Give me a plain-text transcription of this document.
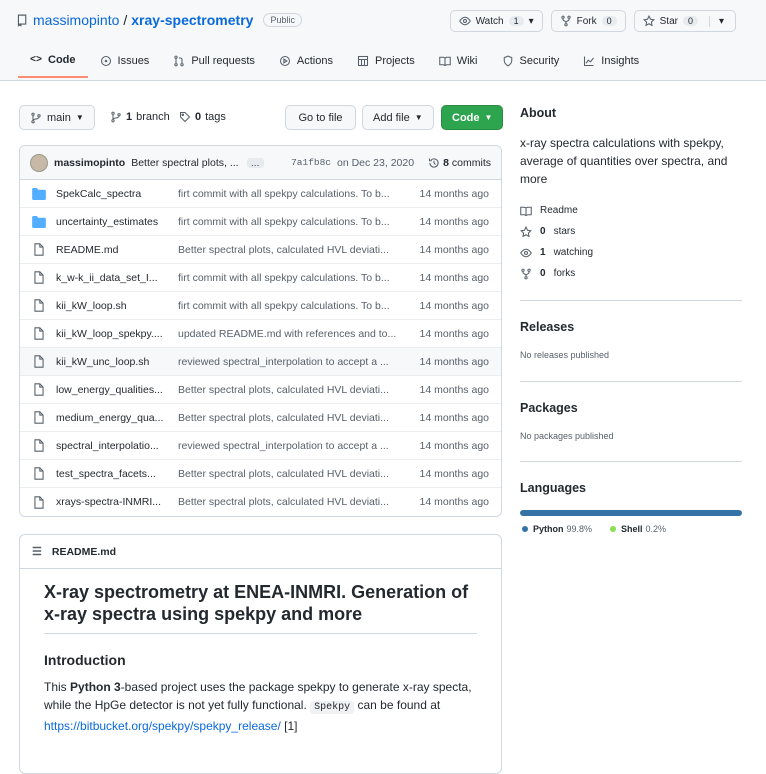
massimopinto / xray-spectrometry	Public	Watch	1	▾	Fork	0	Star	0	▾
<> Code	Issues	Pull requests	Actions	Projects	Wiki	Security	Insights
main ▼	1 branch 0 tags	Go to file	Add file ▼	Code ▼
massimopinto Better spectral plots, ...	…	7a1fb8c on Dec 23, 2020	8 commits
SpekCalc_spectra	firt commit with all spekpy calculations. To b...	14 months ago
uncertainty_estimates	firt commit with all spekpy calculations. To b...	14 months ago
README.md	Better spectral plots, calculated HVL deviati...	14 months ago
k_w-k_ii_data_set_I...	firt commit with all spekpy calculations. To b...	14 months ago
kii_kW_loop.sh	firt commit with all spekpy calculations. To b...	14 months ago
kii_kW_loop_spekpy....	updated README.md with references and to...	14 months ago
kii_kW_unc_loop.sh	reviewed spectral_interpolation to accept a ...	14 months ago
low_energy_qualities...	Better spectral plots, calculated HVL deviati...	14 months ago
medium_energy_qua...	Better spectral plots, calculated HVL deviati...	14 months ago
spectral_interpolatio...	reviewed spectral_interpolation to accept a ...	14 months ago
test_spectra_facets...	Better spectral plots, calculated HVL deviati...	14 months ago
xrays-spectra-INMRI...	Better spectral plots, calculated HVL deviati...	14 months ago
☰ README.md
X-ray spectrometry at ENEA-INMRI. Generation of x-ray spectra using spekpy and more
Introduction

This Python 3-based project uses the package spekpy to generate x-ray specta, while the HpGe detector is not yet fully functional. Spekpy can be found at https://bitbucket.org/spekpy/spekpy_release/ [1]

About

x-ray spectra calculations with spekpy, average of quantities over spectra, and more

Readme
0 stars
1 watching
0 forks
Releases

No releases published

Packages

No packages published

Languages
Python 99.8%	Shell 0.2%
